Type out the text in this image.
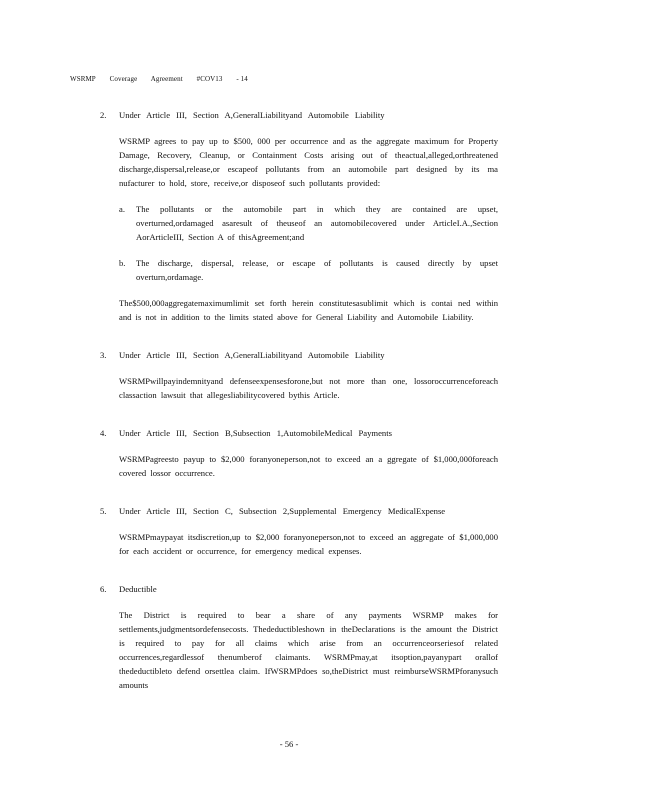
WSRMP Coverage Agreement #COV13 - 14
2.	Under Article III, Section A,GeneralLiabilityand Automobile Liability

WSRMP agrees to pay up to $500, 000 per occurrence and as the aggregate maximum for Property Damage, Recovery, Cleanup, or Containment Costs arising out of theactual,alleged,orthreatened discharge,dispersal,release,or escapeof pollutants from an automobile part designed by its ma nufacturer to hold, store, receive,or disposeof such pollutants provided:

a.	The pollutants or the automobile part in which they are contained are upset, overturned,ordamaged asaresult of theuseof an automobilecovered under ArticleI.A.,Section AorArticleIII, Section A of thisAgreement;and
b.	The discharge, dispersal, release, or escape of pollutants is caused directly by upset overturn,ordamage.

The$500,000aggregatemaximumlimit set forth herein constitutesasublimit which is contai ned within and is not in addition to the limits stated above for General Liability and Automobile Liability.

3.	Under Article III, Section A,GeneralLiabilityand Automobile Liability

WSRMPwillpayindemnityand defenseexpensesforone,but not more than one, lossoroccurrenceforeach classaction lawsuit that allegesliabilitycovered bythis Article.

4.	Under Article III, Section B,Subsection 1,AutomobileMedical Payments

WSRMPagreesto payup to $2,000 foranyoneperson,not to exceed an a ggregate of $1,000,000foreach covered lossor occurrence.

5.	Under Article III, Section C, Subsection 2,Supplemental Emergency MedicalExpense

WSRMPmaypayat itsdiscretion,up to $2,000 foranyoneperson,not to exceed an aggregate of $1,000,000 for each accident or occurrence, for emergency medical expenses.

6.	Deductible

The District is required to bear a share of any payments WSRMP makes for settlements,judgmentsordefensecosts. Thedeductibleshown in theDeclarations is the amount the District is required to pay for all claims which arise from an occurrenceorseriesof related occurrences,regardlessof thenumberof claimants. WSRMPmay,at itsoption,payanypart orallof thedeductibleto defend orsettlea claim. IfWSRMPdoes so,theDistrict must reimburseWSRMPforanysuch amounts

- 56 -
